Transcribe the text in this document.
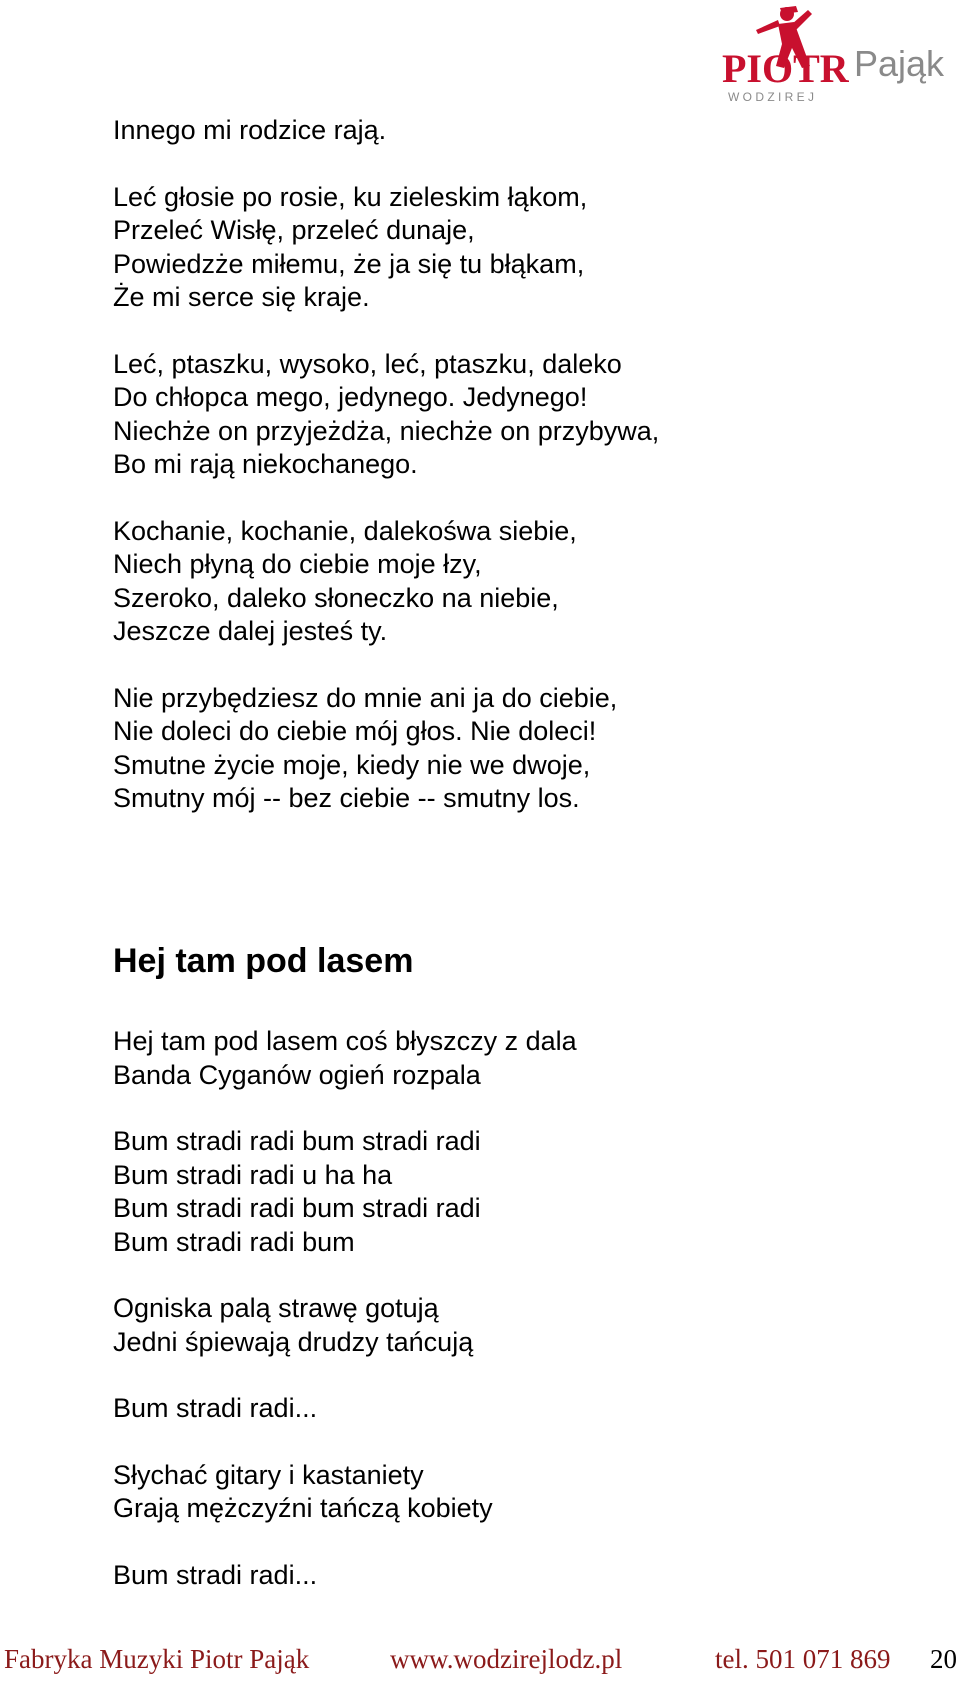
PIOTR Pająk
W O D Z I R E J
Innego mi rodzice rają.
Leć głosie po rosie, ku zieleskim łąkom,
Przeleć Wisłę, przeleć dunaje,
Powiedzże miłemu, że ja się tu błąkam,
Że mi serce się kraje.
Leć, ptaszku, wysoko, leć, ptaszku, daleko
Do chłopca mego, jedynego. Jedynego!
Niechże on przyjeżdża, niechże on przybywa,
Bo mi rają niekochanego.
Kochanie, kochanie, dalekośwa siebie,
Niech płyną do ciebie moje łzy,
Szeroko, daleko słoneczko na niebie,
Jeszcze dalej jesteś ty.
Nie przybędziesz do mnie ani ja do ciebie,
Nie doleci do ciebie mój głos. Nie doleci!
Smutne życie moje, kiedy nie we dwoje,
Smutny mój -- bez ciebie -- smutny los.
Hej tam pod lasem
Hej tam pod lasem coś błyszczy z dala
Banda Cyganów ogień rozpala
Bum stradi radi bum stradi radi
Bum stradi radi u ha ha
Bum stradi radi bum stradi radi
Bum stradi radi bum
Ogniska palą strawę gotują
Jedni śpiewają drudzy tańcują
Bum stradi radi...
Słychać gitary i kastaniety
Grają mężczyźni tańczą kobiety
Bum stradi radi...
Fabryka Muzyki Piotr Pająk	www.wodzirejlodz.pl	tel. 501 071 869 20
